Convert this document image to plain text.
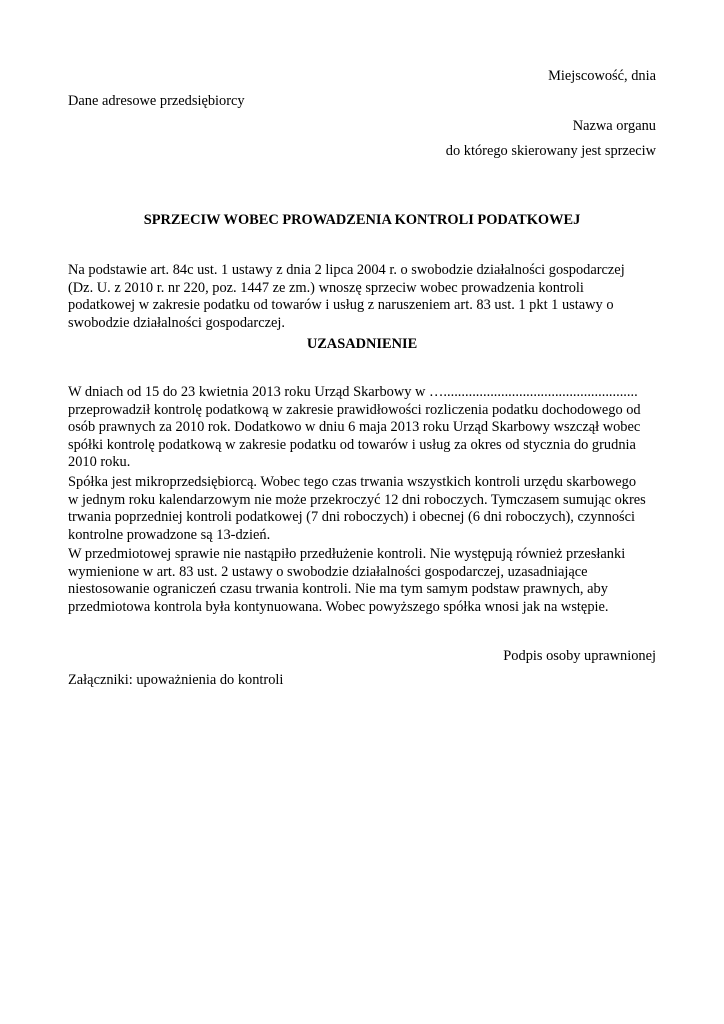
Miejscowość, dnia
Dane adresowe przedsiębiorcy
Nazwa organu
do którego skierowany jest sprzeciw
SPRZECIW WOBEC PROWADZENIA KONTROLI PODATKOWEJ
Na podstawie art. 84c ust. 1 ustawy z dnia 2 lipca 2004 r. o swobodzie działalności gospodarczej
(Dz. U. z 2010 r. nr 220, poz. 1447 ze zm.) wnoszę sprzeciw wobec prowadzenia kontroli
podatkowej w zakresie podatku od towarów i usług z naruszeniem art. 83 ust. 1 pkt 1 ustawy o
swobodzie działalności gospodarczej.
UZASADNIENIE
W dniach od 15 do 23 kwietnia 2013 roku Urząd Skarbowy w …......................................................
przeprowadził kontrolę podatkową w zakresie prawidłowości rozliczenia podatku dochodowego od
osób prawnych za 2010 rok. Dodatkowo w dniu 6 maja 2013 roku Urząd Skarbowy wszczął wobec
spółki kontrolę podatkową w zakresie podatku od towarów i usług za okres od stycznia do grudnia
2010 roku.
Spółka jest mikroprzedsiębiorcą. Wobec tego czas trwania wszystkich kontroli urzędu skarbowego
w jednym roku kalendarzowym nie może przekroczyć 12 dni roboczych. Tymczasem sumując okres
trwania poprzedniej kontroli podatkowej (7 dni roboczych) i obecnej (6 dni roboczych), czynności
kontrolne prowadzone są 13-dzień.
W przedmiotowej sprawie nie nastąpiło przedłużenie kontroli. Nie występują również przesłanki
wymienione w art. 83 ust. 2 ustawy o swobodzie działalności gospodarczej, uzasadniające
niestosowanie ograniczeń czasu trwania kontroli. Nie ma tym samym podstaw prawnych, aby
przedmiotowa kontrola była kontynuowana. Wobec powyższego spółka wnosi jak na wstępie.
Podpis osoby uprawnionej
Załączniki: upoważnienia do kontroli
